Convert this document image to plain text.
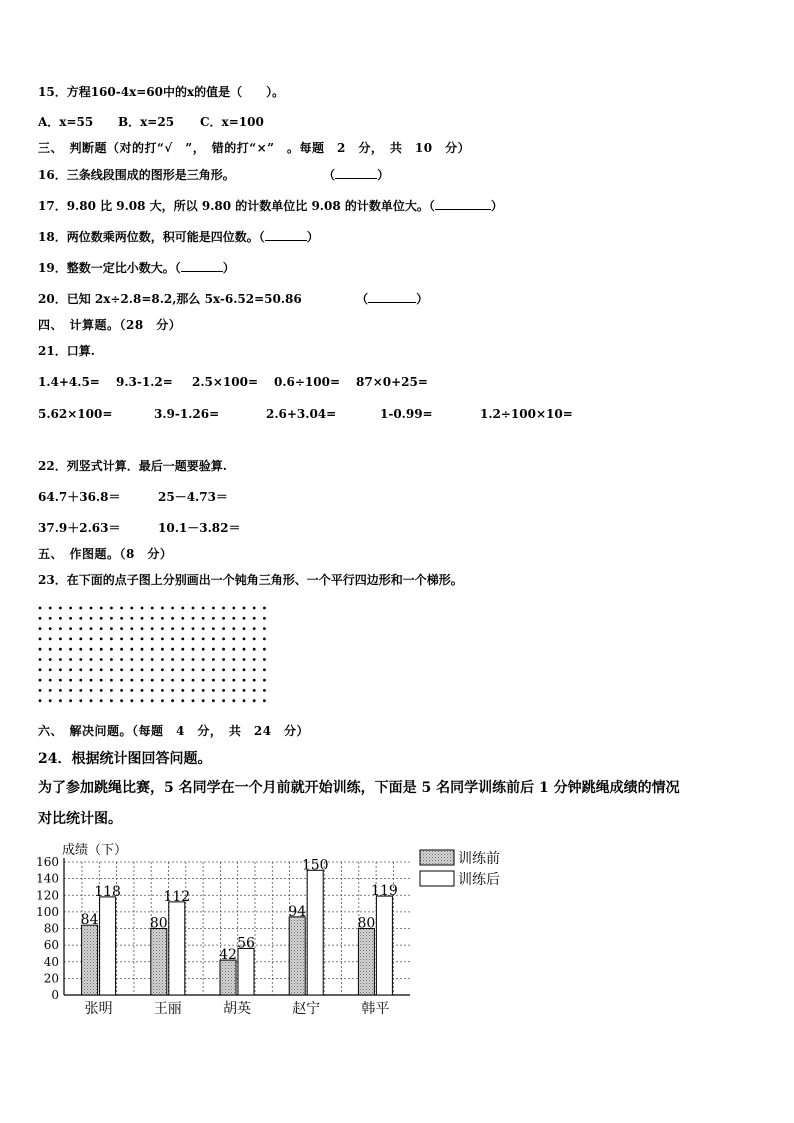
15．方程160-4x=60中的x的值是（　　）。
A．x=55 B．x=25 C．x=100
三、　判断题（对的打“√　”，　错的打“×”　。每题　2　分，　共　10　分）
16．三条线段围成的图形是三角形。	（	）
17．9.80 比 9.08 大，所以 9.80 的计数单位比 9.08 的计数单位大。（	）
18．两位数乘两位数，积可能是四位数。（	）
19．整数一定比小数大。（	）
20．已知 2x÷2.8=8.2,那么 5x-6.52=50.86	（	）
四、　计算题。（28　分）
21．口算.
1.4+4.5= 9.3-1.2= 2.5×100= 0.6÷100= 87×0+25=
5.62×100=	3.9-1.26=	2.6+3.04=	1-0.99=	1.2÷100×10=
22．列竖式计算．最后一题要验算.
64.7＋36.8＝	25－4.73＝
37.9＋2.63＝	10.1－3.82＝
五、　作图题。（8　分）
23．在下面的点子图上分别画出一个钝角三角形、一个平行四边形和一个梯形。
六、　解决问题。（每题　4　分，　共　24　分）
24．根据统计图回答问题。
为了参加跳绳比赛，5 名同学在一个月前就开始训练，下面是 5 名同学训练前后 1 分钟跳绳成绩的情况
对比统计图。
0
20
40
60
80
100
120
140
160
成绩（下）
84
118
张明
80
112
王丽
42
56
胡英
94
150
赵宁
80
119
韩平
训练前
训练后
